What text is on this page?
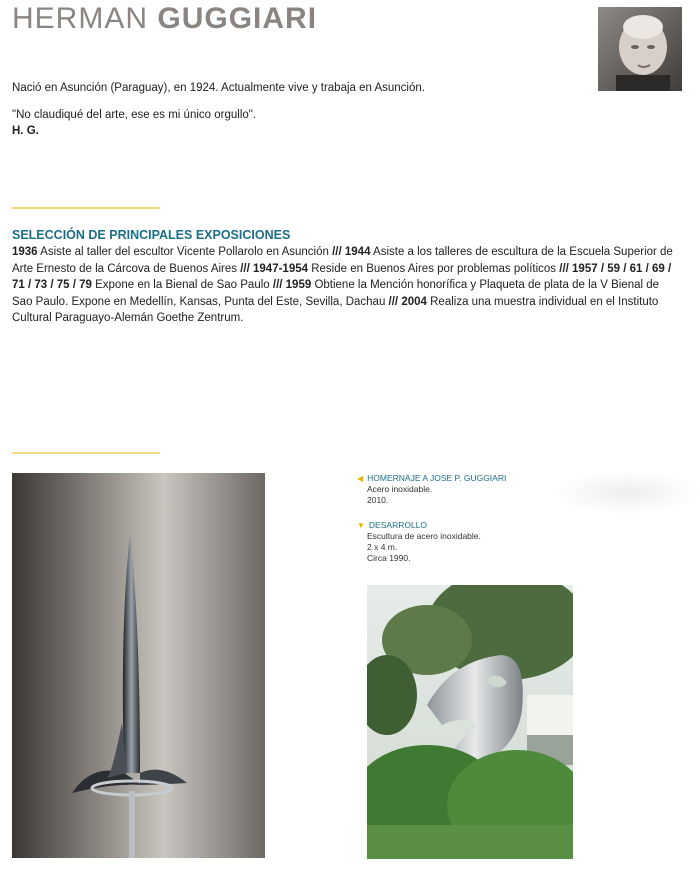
HERMAN GUGGIARI
Nació en Asunción (Paraguay), en 1924. Actualmente vive y trabaja en Asunción.
"No claudiqué del arte, ese es mi único orgullo".
H. G.
SELECCIÓN DE PRINCIPALES EXPOSICIONES
1936 Asiste al taller del escultor Vicente Pollarolo en Asunción /// 1944 Asiste a los talleres de escultura de la Escuela Superior de Arte Ernesto de la Cárcova de Buenos Aires /// 1947-1954 Reside en Buenos Aires por problemas políticos /// 1957 / 59 / 61 / 69 / 71 / 73 / 75 / 79 Expone en la Bienal de Sao Paulo /// 1959 Obtiene la Mención honorífica y Plaqueta de plata de la V Bienal de Sao Paulo. Expone en Medellín, Kansas, Punta del Este, Sevilla, Dachau /// 2004 Realiza una muestra individual en el Instituto Cultural Paraguayo-Alemán Goethe Zentrum.
◀ HOMERNAJE A JOSE P. GUGGIARI
Acero inoxidable.
2010.
▼ DESARROLLO
Escultura de acero inoxidable.
2 x 4 m.
Circa 1990.
